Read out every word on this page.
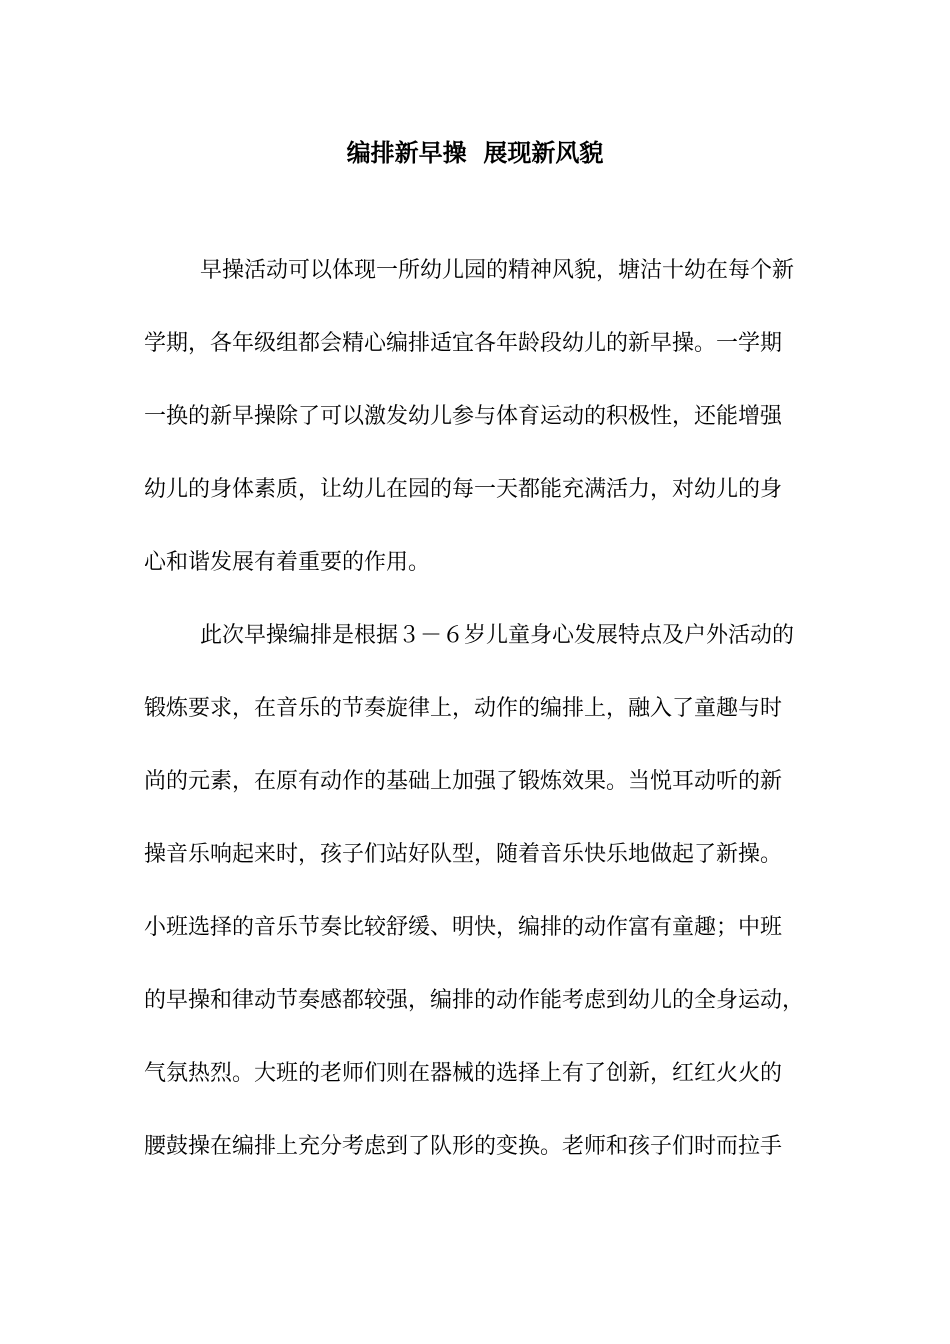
编排新早操  展现新风貌
早操活动可以体现一所幼儿园的精神风貌，塘沽十幼在每个新
学期，各年级组都会精心编排适宜各年龄段幼儿的新早操。一学期
一换的新早操除了可以激发幼儿参与体育运动的积极性，还能增强
幼儿的身体素质，让幼儿在园的每一天都能充满活力，对幼儿的身
心和谐发展有着重要的作用。
此次早操编排是根据３－６岁儿童身心发展特点及户外活动的
锻炼要求，在音乐的节奏旋律上，动作的编排上，融入了童趣与时
尚的元素，在原有动作的基础上加强了锻炼效果。当悦耳动听的新
操音乐响起来时，孩子们站好队型，随着音乐快乐地做起了新操。
小班选择的音乐节奏比较舒缓、明快，编排的动作富有童趣；中班
的早操和律动节奏感都较强，编排的动作能考虑到幼儿的全身运动，
气氛热烈。大班的老师们则在器械的选择上有了创新，红红火火的
腰鼓操在编排上充分考虑到了队形的变换。老师和孩子们时而拉手
